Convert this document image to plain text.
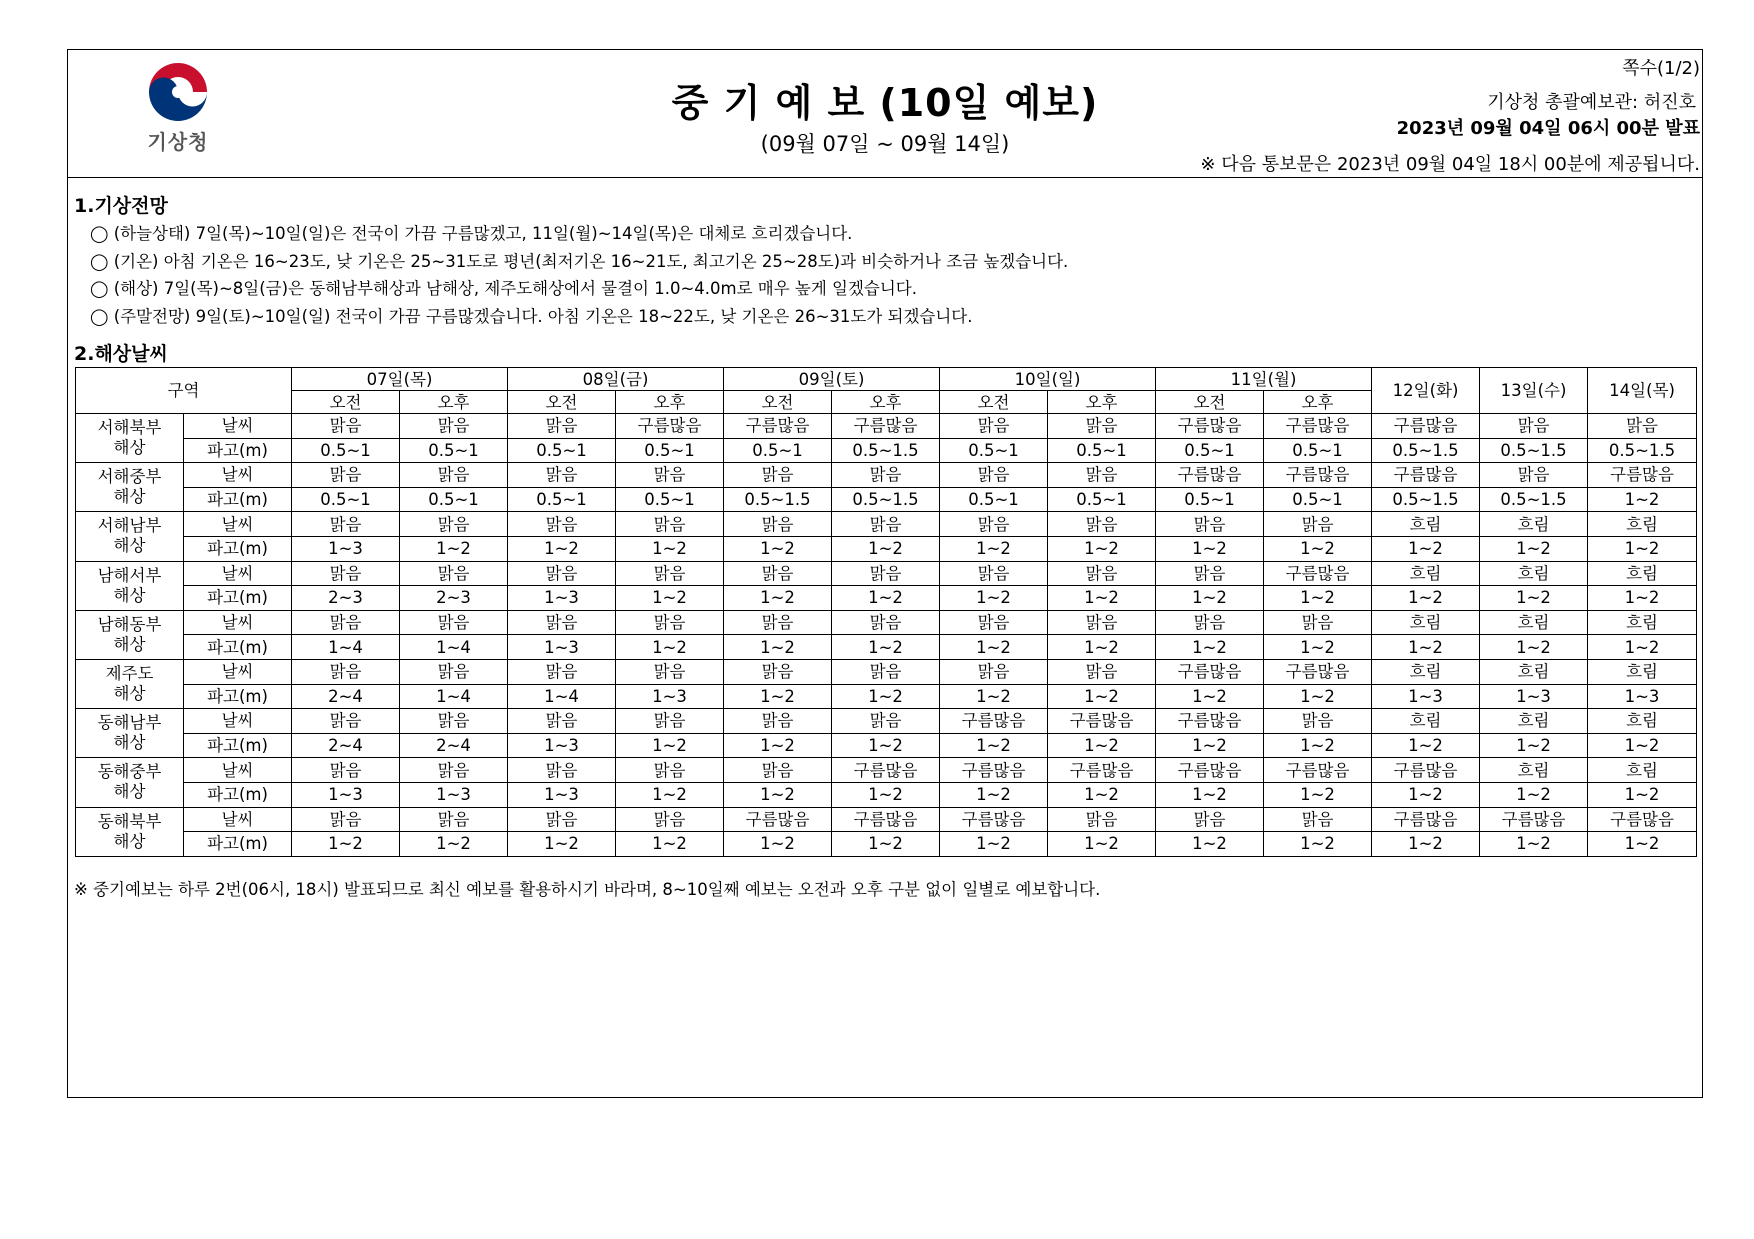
기상청
중 기 예 보 (10일 예보)
(09월 07일 ~ 09월 14일)
쪽수(1/2)
기상청 총괄예보관: 허진호
2023년 09월 04일 06시 00분 발표
※ 다음 통보문은 2023년 09월 04일 18시 00분에 제공됩니다.
1.기상전망
◯ (하늘상태) 7일(목)~10일(일)은 전국이 가끔 구름많겠고, 11일(월)~14일(목)은 대체로 흐리겠습니다.
◯ (기온) 아침 기온은 16~23도, 낮 기온은 25~31도로 평년(최저기온 16~21도, 최고기온 25~28도)과 비슷하거나 조금 높겠습니다.
◯ (해상) 7일(목)~8일(금)은 동해남부해상과 남해상, 제주도해상에서 물결이 1.0~4.0m로 매우 높게 일겠습니다.
◯ (주말전망) 9일(토)~10일(일) 전국이 가끔 구름많겠습니다. 아침 기온은 18~22도, 낮 기온은 26~31도가 되겠습니다.
2.해상날씨
구역		07일(목)		08일(금)		09일(토)		10일(일)		11일(월)		12일(화)	13일(수)	14일(목)
		오전	오후	오전	오후	오전	오후	오전	오후	오전	오후			

서해북부
해상	날씨	맑음	맑음	맑음	구름많음	구름많음	구름많음	맑음	맑음	구름많음	구름많음	구름많음	맑음	맑음
	파고(m)	0.5~1	0.5~1	0.5~1	0.5~1	0.5~1	0.5~1.5	0.5~1	0.5~1	0.5~1	0.5~1	0.5~1.5	0.5~1.5	0.5~1.5

서해중부
해상	날씨	맑음	맑음	맑음	맑음	맑음	맑음	맑음	맑음	구름많음	구름많음	구름많음	맑음	구름많음
	파고(m)	0.5~1	0.5~1	0.5~1	0.5~1	0.5~1.5	0.5~1.5	0.5~1	0.5~1	0.5~1	0.5~1	0.5~1.5	0.5~1.5	1~2

서해남부
해상	날씨	맑음	맑음	맑음	맑음	맑음	맑음	맑음	맑음	맑음	맑음	흐림	흐림	흐림
	파고(m)	1~3	1~2	1~2	1~2	1~2	1~2	1~2	1~2	1~2	1~2	1~2	1~2	1~2

남해서부
해상	날씨	맑음	맑음	맑음	맑음	맑음	맑음	맑음	맑음	맑음	구름많음	흐림	흐림	흐림
	파고(m)	2~3	2~3	1~3	1~2	1~2	1~2	1~2	1~2	1~2	1~2	1~2	1~2	1~2

남해동부
해상	날씨	맑음	맑음	맑음	맑음	맑음	맑음	맑음	맑음	맑음	맑음	흐림	흐림	흐림
	파고(m)	1~4	1~4	1~3	1~2	1~2	1~2	1~2	1~2	1~2	1~2	1~2	1~2	1~2

제주도
해상	날씨	맑음	맑음	맑음	맑음	맑음	맑음	맑음	맑음	구름많음	구름많음	흐림	흐림	흐림
	파고(m)	2~4	1~4	1~4	1~3	1~2	1~2	1~2	1~2	1~2	1~2	1~3	1~3	1~3

동해남부
해상	날씨	맑음	맑음	맑음	맑음	맑음	맑음	구름많음	구름많음	구름많음	맑음	흐림	흐림	흐림
	파고(m)	2~4	2~4	1~3	1~2	1~2	1~2	1~2	1~2	1~2	1~2	1~2	1~2	1~2

동해중부
해상	날씨	맑음	맑음	맑음	맑음	맑음	구름많음	구름많음	구름많음	구름많음	구름많음	구름많음	흐림	흐림
	파고(m)	1~3	1~3	1~3	1~2	1~2	1~2	1~2	1~2	1~2	1~2	1~2	1~2	1~2

동해북부
해상	날씨	맑음	맑음	맑음	맑음	구름많음	구름많음	구름많음	맑음	맑음	맑음	구름많음	구름많음	구름많음
	파고(m)	1~2	1~2	1~2	1~2	1~2	1~2	1~2	1~2	1~2	1~2	1~2	1~2	1~2
※ 중기예보는 하루 2번(06시, 18시) 발표되므로 최신 예보를 활용하시기 바라며, 8~10일째 예보는 오전과 오후 구분 없이 일별로 예보합니다.
